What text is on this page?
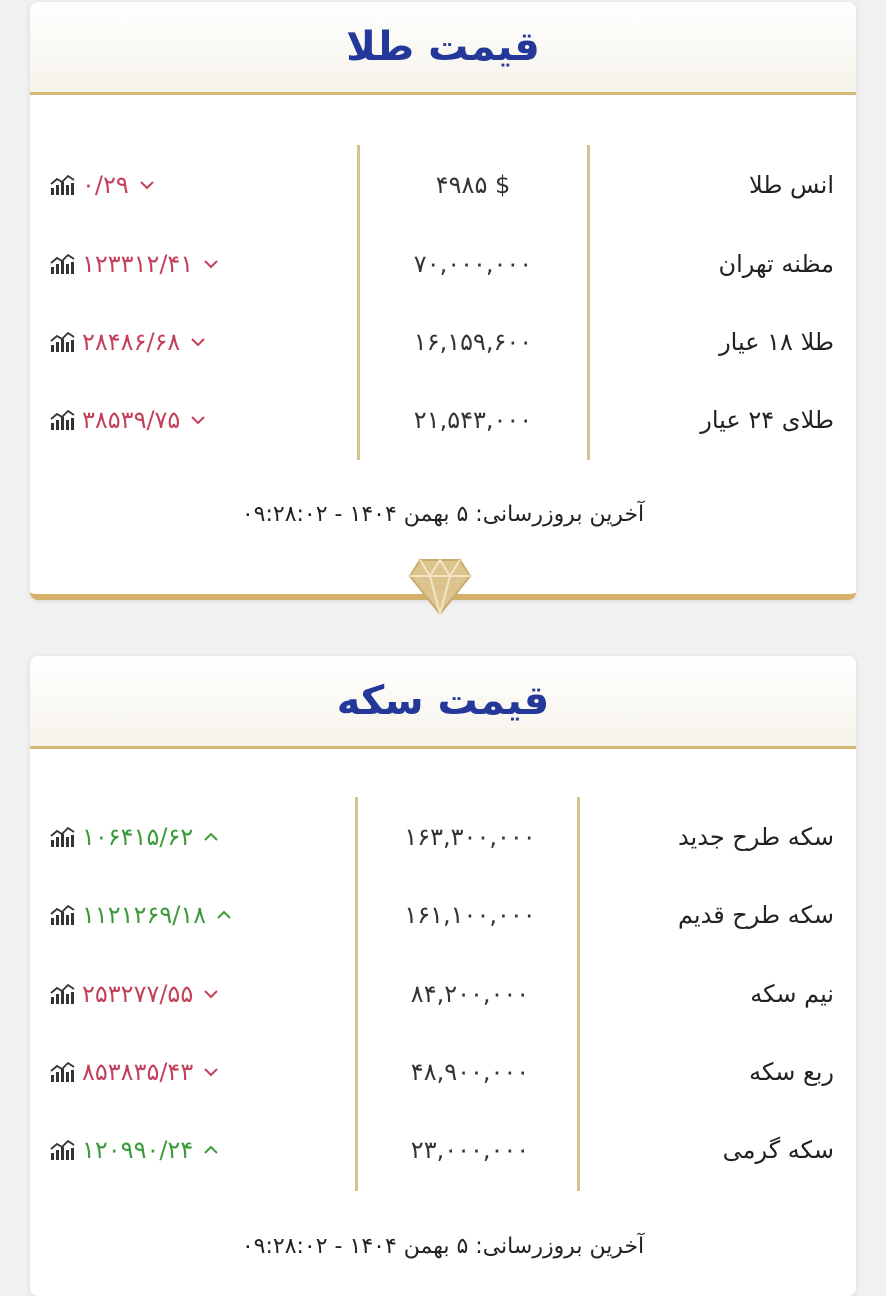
قیمت طلا
انس طلا
۴۹۸۵ $
۰/۲۹
مظنه تهران
۷۰,۰۰۰,۰۰۰
۱۲۳۳۱۲/۴۱
طلا ۱۸ عیار
۱۶,۱۵۹,۶۰۰
۲۸۴۸۶/۶۸
طلای ۲۴ عیار
۲۱,۵۴۳,۰۰۰
۳۸۵۳۹/۷۵
آخرین بروزرسانی: ۵ بهمن ۱۴۰۴ - ۰۹:۲۸:۰۲
قیمت سکه
سکه طرح جدید
۱۶۳,۳۰۰,۰۰۰
۱۰۶۴۱۵/۶۲
سکه طرح قدیم
۱۶۱,۱۰۰,۰۰۰
۱۱۲۱۲۶۹/۱۸
نیم سکه
۸۴,۲۰۰,۰۰۰
۲۵۳۲۷۷/۵۵
ربع سکه
۴۸,۹۰۰,۰۰۰
۸۵۳۸۳۵/۴۳
سکه گرمی
۲۳,۰۰۰,۰۰۰
۱۲۰۹۹۰/۲۴
آخرین بروزرسانی: ۵ بهمن ۱۴۰۴ - ۰۹:۲۸:۰۲
